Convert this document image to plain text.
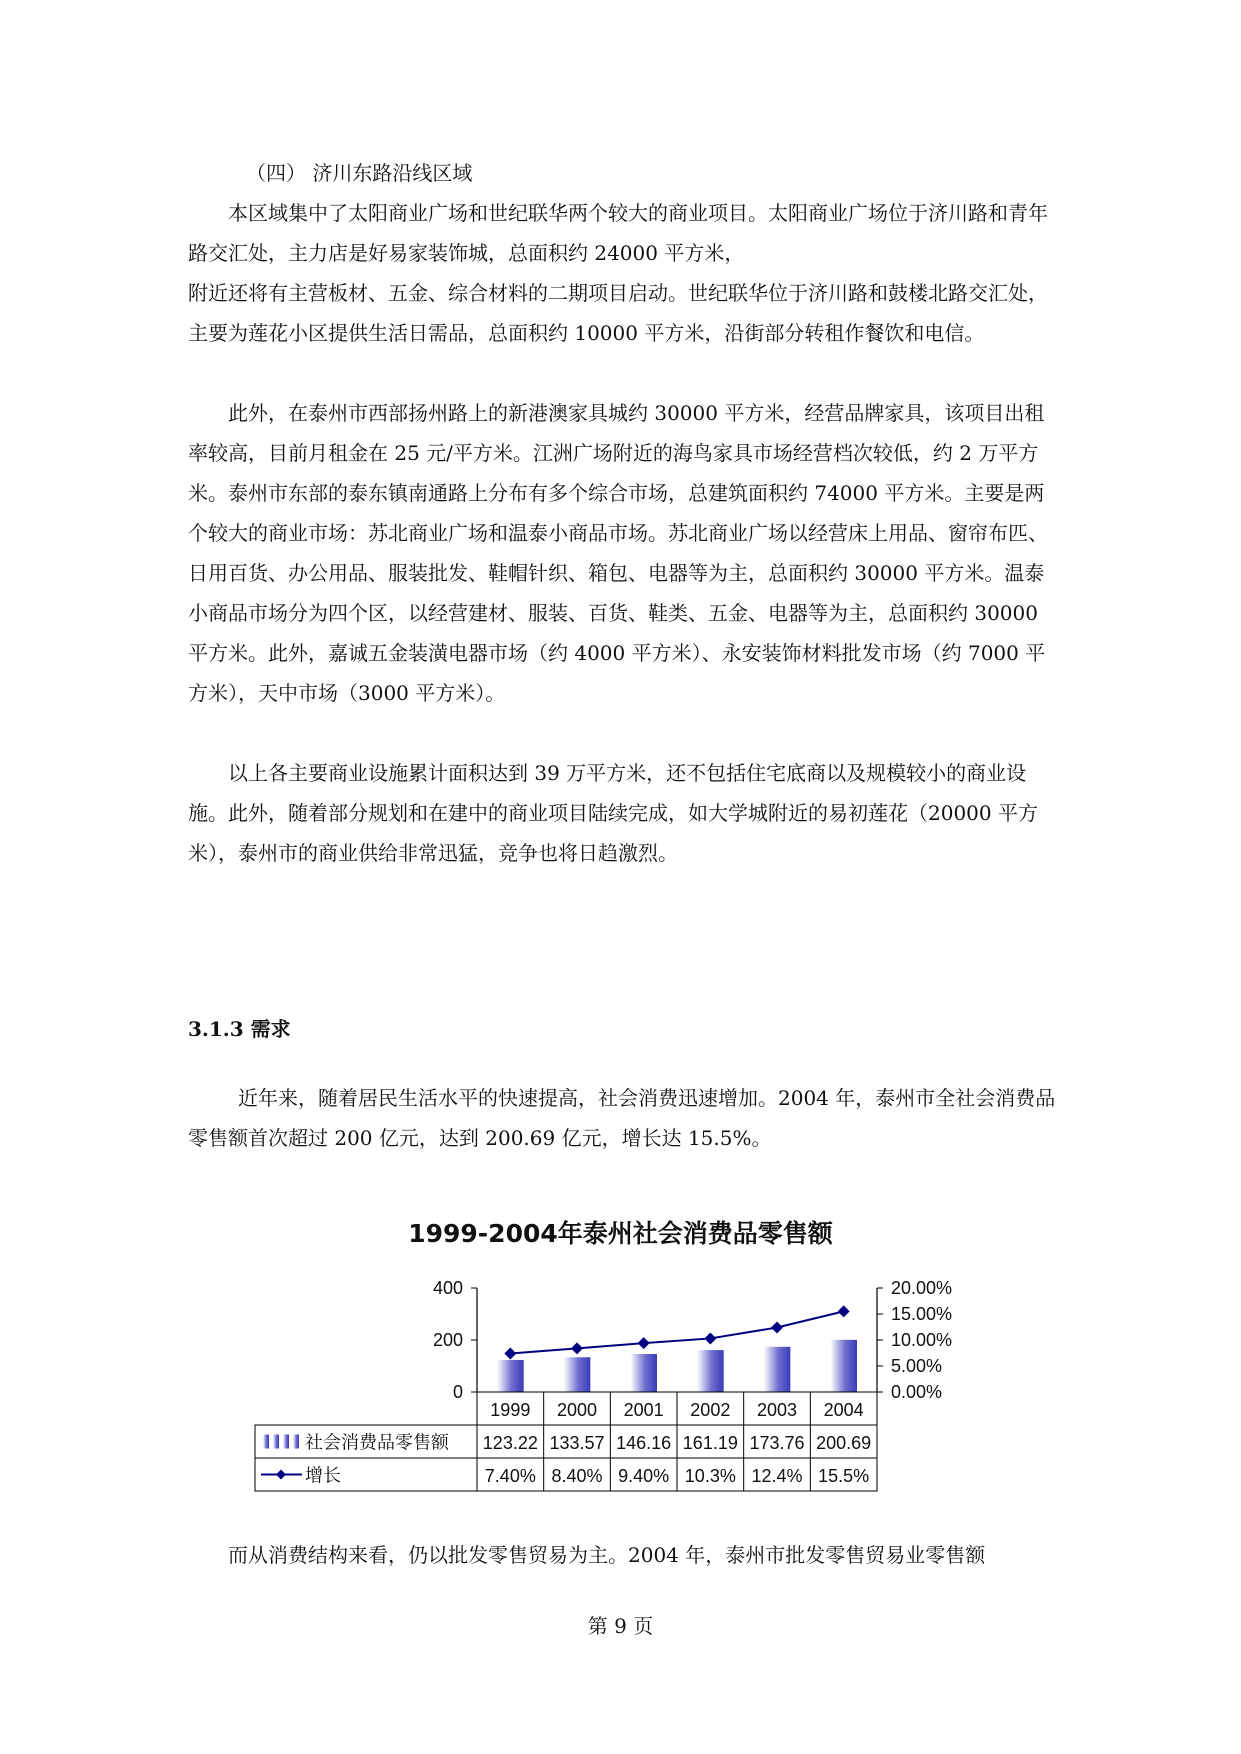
（四） 济川东路沿线区域

本区域集中了太阳商业广场和世纪联华两个较大的商业项目。太阳商业广场位于济川路和青年路交汇处，主力店是好易家装饰城，总面积约 24000 平方米，

附近还将有主营板材、五金、综合材料的二期项目启动。世纪联华位于济川路和鼓楼北路交汇处，主要为莲花小区提供生活日需品，总面积约 10000 平方米，沿街部分转租作餐饮和电信。

此外，在泰州市西部扬州路上的新港澳家具城约 30000 平方米，经营品牌家具，该项目出租率较高，目前月租金在 25 元/平方米。江洲广场附近的海鸟家具市场经营档次较低，约 2 万平方米。泰州市东部的泰东镇南通路上分布有多个综合市场，总建筑面积约 74000 平方米。主要是两个较大的商业市场：苏北商业广场和温泰小商品市场。苏北商业广场以经营床上用品、窗帘布匹、日用百货、办公用品、服装批发、鞋帽针织、箱包、电器等为主，总面积约 30000 平方米。温泰小商品市场分为四个区，以经营建材、服装、百货、鞋类、五金、电器等为主，总面积约 30000 平方米。此外，嘉诚五金装潢电器市场（约 4000 平方米）、永安装饰材料批发市场（约 7000 平方米），天中市场（3000 平方米）。

以上各主要商业设施累计面积达到 39 万平方米，还不包括住宅底商以及规模较小的商业设施。此外，随着部分规划和在建中的商业项目陆续完成，如大学城附近的易初莲花（20000 平方米），泰州市的商业供给非常迅猛，竞争也将日趋激烈。

3.1.3 需求

近年来，随着居民生活水平的快速提高，社会消费迅速增加。2004 年，泰州市全社会消费品零售额首次超过 200 亿元，达到 200.69 亿元，增长达 15.5%。

1999-2004年泰州社会消费品零售额
0
200
400
0.00%
5.00%
10.00%
15.00%
20.00%
1999 2000 2001 2002 2003 2004
123.22 133.57 146.16 161.19 173.76 200.69
7.40% 8.40% 9.40% 10.3% 12.4% 15.5%
社会消费品零售额
增长

而从消费结构来看，仍以批发零售贸易为主。2004 年，泰州市批发零售贸易业零售额

第 9 页
